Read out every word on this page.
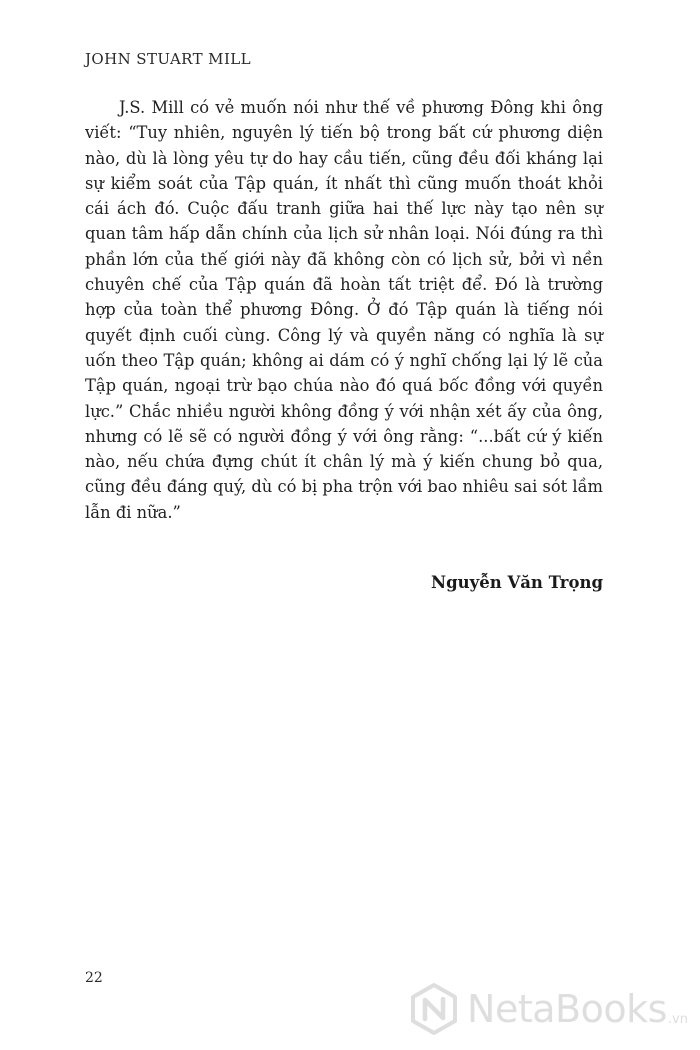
JOHN STUART MILL

J.S. Mill có vẻ muốn nói như thế về phương Đông khi ông viết: “Tuy nhiên, nguyên lý tiến bộ trong bất cứ phương diện nào, dù là lòng yêu tự do hay cầu tiến, cũng đều đối kháng lại sự kiểm soát của Tập quán, ít nhất thì cũng muốn thoát khỏi cái ách đó. Cuộc đấu tranh giữa hai thế lực này tạo nên sự quan tâm hấp dẫn chính của lịch sử nhân loại. Nói đúng ra thì phần lớn của thế giới này đã không còn có lịch sử, bởi vì nền chuyên chế của Tập quán đã hoàn tất triệt để. Đó là trường hợp của toàn thể phương Đông. Ở đó Tập quán là tiếng nói quyết định cuối cùng. Công lý và quyền năng có nghĩa là sự uốn theo Tập quán; không ai dám có ý nghĩ chống lại lý lẽ của Tập quán, ngoại trừ bạo chúa nào đó quá bốc đồng với quyền lực.” Chắc nhiều người không đồng ý với nhận xét ấy của ông, nhưng có lẽ sẽ có người đồng ý với ông rằng: “...bất cứ ý kiến nào, nếu chứa đựng chút ít chân lý mà ý kiến chung bỏ qua, cũng đều đáng quý, dù có bị pha trộn với bao nhiêu sai sót lầm lẫn đi nữa.”

Nguyễn Văn Trọng
22
NetaBooks .vn
